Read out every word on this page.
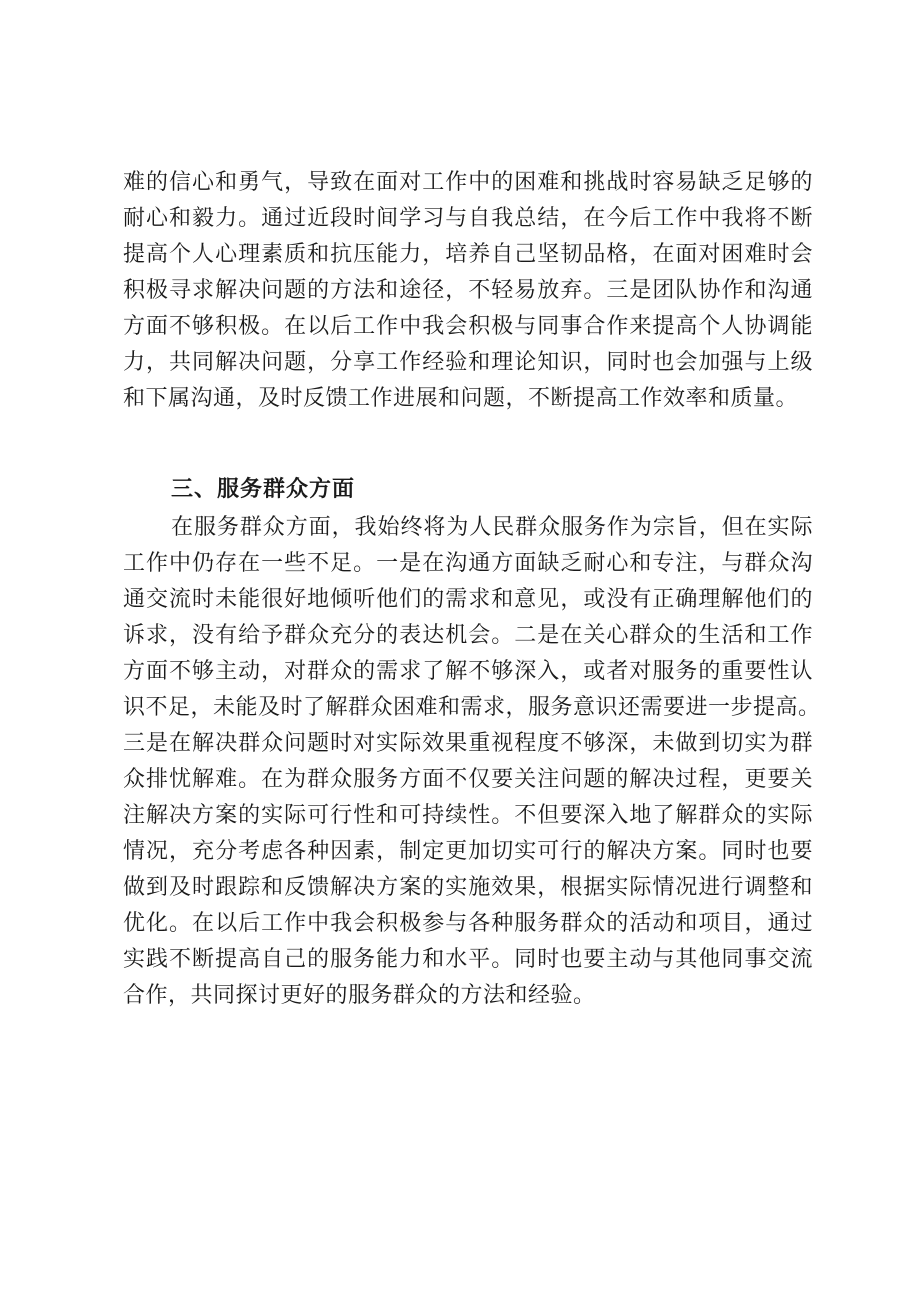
难的信心和勇气，导致在面对工作中的困难和挑战时容易缺乏足够的
耐心和毅力。通过近段时间学习与自我总结，在今后工作中我将不断
提高个人心理素质和抗压能力，培养自己坚韧品格，在面对困难时会
积极寻求解决问题的方法和途径，不轻易放弃。三是团队协作和沟通
方面不够积极。在以后工作中我会积极与同事合作来提高个人协调能
力，共同解决问题，分享工作经验和理论知识，同时也会加强与上级
和下属沟通，及时反馈工作进展和问题，不断提高工作效率和质量。
三、服务群众方面
在服务群众方面，我始终将为人民群众服务作为宗旨，但在实际
工作中仍存在一些不足。一是在沟通方面缺乏耐心和专注，与群众沟
通交流时未能很好地倾听他们的需求和意见，或没有正确理解他们的
诉求，没有给予群众充分的表达机会。二是在关心群众的生活和工作
方面不够主动，对群众的需求了解不够深入，或者对服务的重要性认
识不足，未能及时了解群众困难和需求，服务意识还需要进一步提高。
三是在解决群众问题时对实际效果重视程度不够深，未做到切实为群
众排忧解难。在为群众服务方面不仅要关注问题的解决过程，更要关
注解决方案的实际可行性和可持续性。不但要深入地了解群众的实际
情况，充分考虑各种因素，制定更加切实可行的解决方案。同时也要
做到及时跟踪和反馈解决方案的实施效果，根据实际情况进行调整和
优化。在以后工作中我会积极参与各种服务群众的活动和项目，通过
实践不断提高自己的服务能力和水平。同时也要主动与其他同事交流
合作，共同探讨更好的服务群众的方法和经验。
